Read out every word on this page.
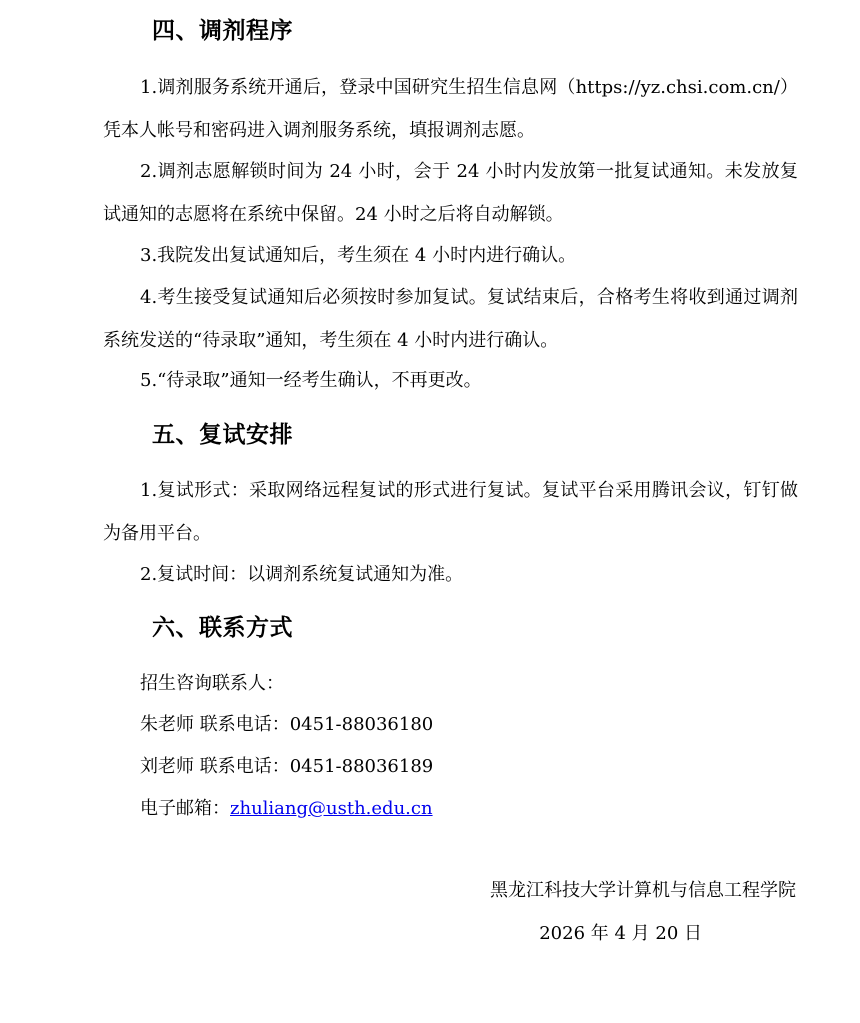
四、调剂程序

1.调剂服务系统开通后，登录中国研究生招生信息网（https://yz.chsi.com.cn/）凭本人帐号和密码进入调剂服务系统，填报调剂志愿。

2.调剂志愿解锁时间为 24 小时，会于 24 小时内发放第一批复试通知。未发放复试通知的志愿将在系统中保留。24 小时之后将自动解锁。

3.我院发出复试通知后，考生须在 4 小时内进行确认。

4.考生接受复试通知后必须按时参加复试。复试结束后，合格考生将收到通过调剂系统发送的“待录取”通知，考生须在 4 小时内进行确认。

5.“待录取”通知一经考生确认，不再更改。

五、复试安排

1.复试形式：采取网络远程复试的形式进行复试。复试平台采用腾讯会议，钉钉做为备用平台。

2.复试时间：以调剂系统复试通知为准。

六、联系方式
招生咨询联系人：
朱老师 联系电话：0451-88036180
刘老师 联系电话：0451-88036189
电子邮箱：zhuliang@usth.edu.cn
黑龙江科技大学计算机与信息工程学院
2026 年 4 月 20 日
